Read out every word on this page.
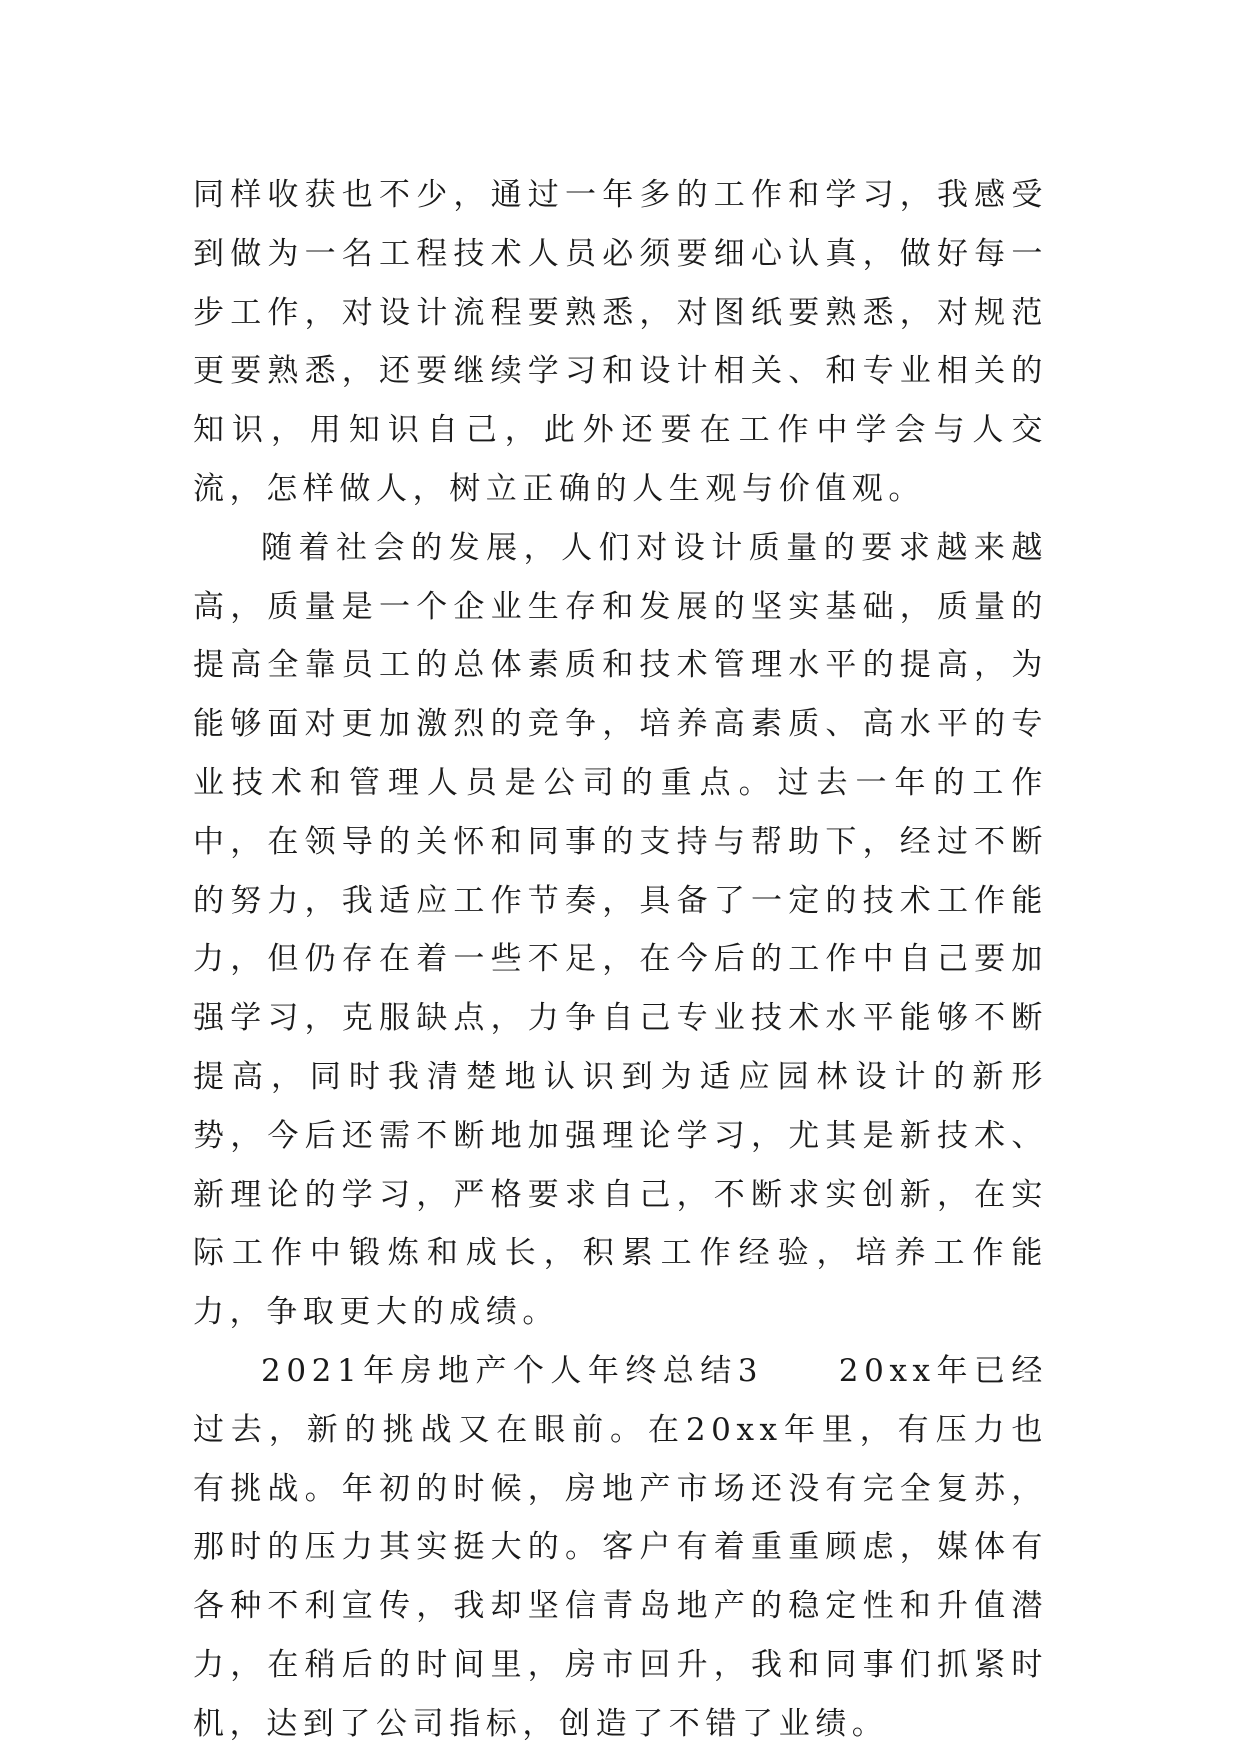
同样收获也不少，通过一年多的工作和学习，我感受到做为一名工程技术人员必须要细心认真，做好每一步工作，对设计流程要熟悉，对图纸要熟悉，对规范更要熟悉，还要继续学习和设计相关、和专业相关的知识，用知识自己，此外还要在工作中学会与人交流，怎样做人，树立正确的人生观与价值观。

随着社会的发展，人们对设计质量的要求越来越高，质量是一个企业生存和发展的坚实基础，质量的提高全靠员工的总体素质和技术管理水平的提高，为能够面对更加激烈的竞争，培养高素质、高水平的专业技术和管理人员是公司的重点。过去一年的工作中，在领导的关怀和同事的支持与帮助下，经过不断的努力，我适应工作节奏，具备了一定的技术工作能力，但仍存在着一些不足，在今后的工作中自己要加强学习，克服缺点，力争自己专业技术水平能够不断提高，同时我清楚地认识到为适应园林设计的新形势，今后还需不断地加强理论学习，尤其是新技术、新理论的学习，严格要求自己，不断求实创新，在实际工作中锻炼和成长，积累工作经验，培养工作能力，争取更大的成绩。

2021年房地产个人年终总结3　　20xx年已经过去，新的挑战又在眼前。在20xx年里，有压力也有挑战。年初的时候，房地产市场还没有完全复苏，那时的压力其实挺大的。客户有着重重顾虑，媒体有各种不利宣传，我却坚信青岛地产的稳定性和升值潜力，在稍后的时间里，房市回升，我和同事们抓紧时机，达到了公司指标，创造了不错了业绩。
